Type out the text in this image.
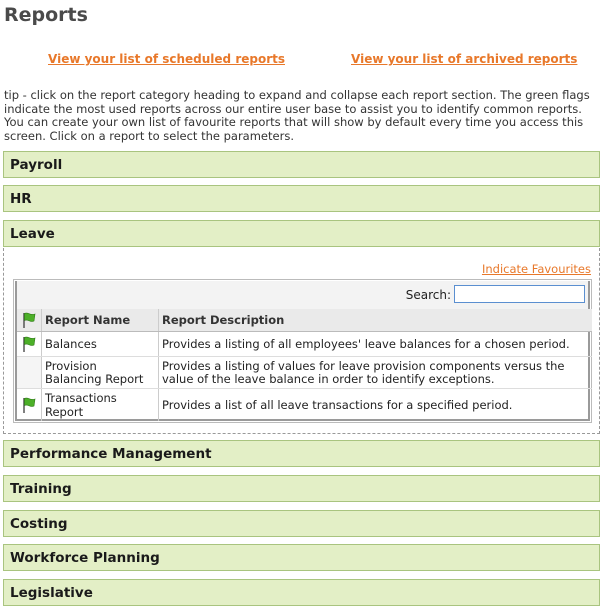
Reports
View your list of scheduled reports	View your list of archived reports
tip - click on the report category heading to expand and collapse each report section. The green flags indicate the most used reports across our entire user base to assist you to identify common reports. You can create your own list of favourite reports that will show by default every time you access this screen. Click on a report to select the parameters.
Payroll
HR
Leave
Indicate Favourites
Search:
	Report Name	Report Description
	Balances	Provides a listing of all employees' leave balances for a chosen period.
	Provision Balancing Report	Provides a listing of values for leave provision components versus the value of the leave balance in order to identify exceptions.
	Transactions Report	Provides a list of all leave transactions for a specified period.
Performance Management
Training
Costing
Workforce Planning
Legislative
